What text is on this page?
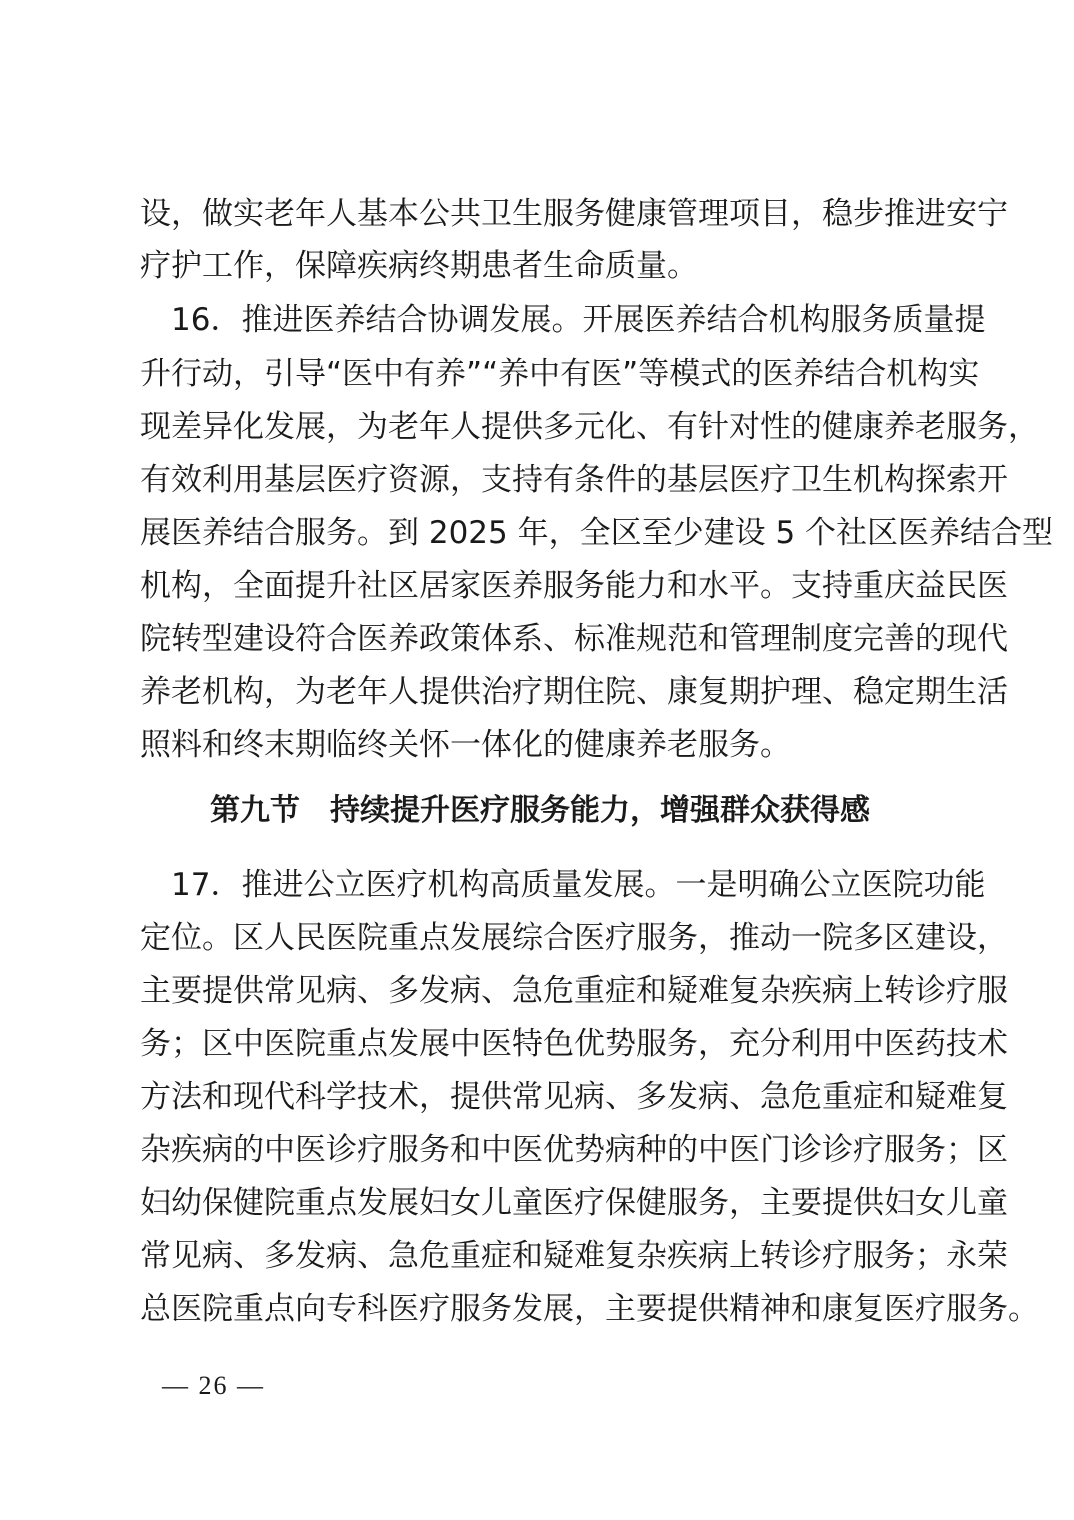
设，做实老年人基本公共卫生服务健康管理项目，稳步推进安宁
疗护工作，保障疾病终期患者生命质量。
　16．推进医养结合协调发展。开展医养结合机构服务质量提
升行动，引导“医中有养”“养中有医”等模式的医养结合机构实
现差异化发展，为老年人提供多元化、有针对性的健康养老服务，
有效利用基层医疗资源，支持有条件的基层医疗卫生机构探索开
展医养结合服务。到 2025 年，全区至少建设 5 个社区医养结合型
机构，全面提升社区居家医养服务能力和水平。支持重庆益民医
院转型建设符合医养政策体系、标准规范和管理制度完善的现代
养老机构，为老年人提供治疗期住院、康复期护理、稳定期生活
照料和终末期临终关怀一体化的健康养老服务。
第九节　持续提升医疗服务能力，增强群众获得感
　17．推进公立医疗机构高质量发展。一是明确公立医院功能
定位。区人民医院重点发展综合医疗服务，推动一院多区建设，
主要提供常见病、多发病、急危重症和疑难复杂疾病上转诊疗服
务；区中医院重点发展中医特色优势服务，充分利用中医药技术
方法和现代科学技术，提供常见病、多发病、急危重症和疑难复
杂疾病的中医诊疗服务和中医优势病种的中医门诊诊疗服务；区
妇幼保健院重点发展妇女儿童医疗保健服务，主要提供妇女儿童
常见病、多发病、急危重症和疑难复杂疾病上转诊疗服务；永荣
总医院重点向专科医疗服务发展，主要提供精神和康复医疗服务。
— 26 —
